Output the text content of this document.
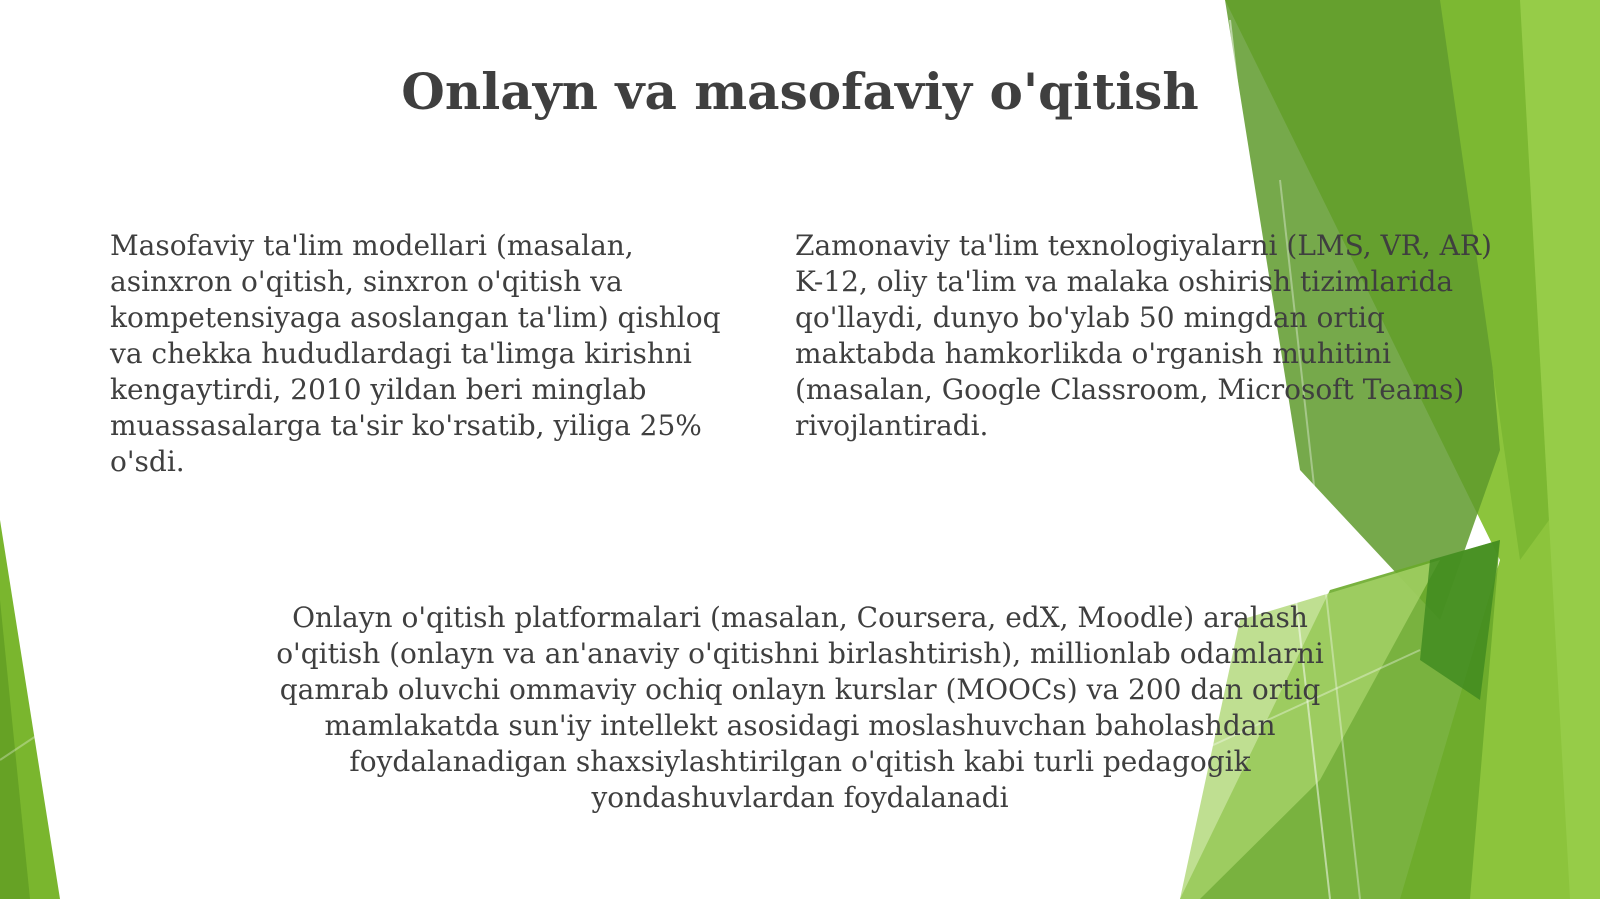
Onlayn va masofaviy o'qitish

Masofaviy ta'lim modellari (masalan, asinxron o'qitish, sinxron o'qitish va kompetensiyaga asoslangan ta'lim) qishloq va chekka hududlardagi ta'limga kirishni kengaytirdi, 2010 yildan beri minglab muassasalarga ta'sir ko'rsatib, yiliga 25% o'sdi.

Zamonaviy ta'lim texnologiyalarni (LMS, VR, AR) K-12, oliy ta'lim va malaka oshirish tizimlarida qo'llaydi, dunyo bo'ylab 50 mingdan ortiq maktabda hamkorlikda o'rganish muhitini (masalan, Google Classroom, Microsoft Teams) rivojlantiradi.

Onlayn o'qitish platformalari (masalan, Coursera, edX, Moodle) aralash o'qitish (onlayn va an'anaviy o'qitishni birlashtirish), millionlab odamlarni qamrab oluvchi ommaviy ochiq onlayn kurslar (MOOCs) va 200 dan ortiq mamlakatda sun'iy intellekt asosidagi moslashuvchan baholashdan foydalanadigan shaxsiylashtirilgan o'qitish kabi turli pedagogik yondashuvlardan foydalanadi
